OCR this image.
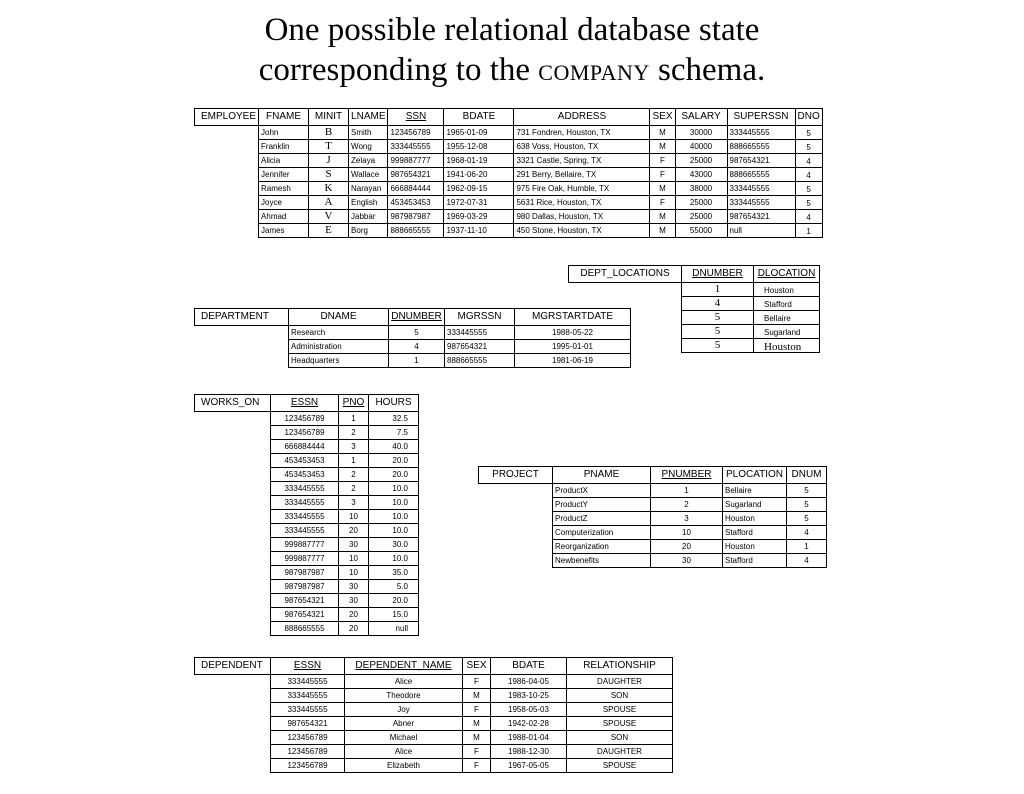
One possible relational database state
corresponding to the COMPANY schema.
EMPLOYEE	FNAME	MINIT	LNAME	SSN	BDATE	ADDRESS	SEX	SALARY	SUPERSSN	DNO
	John	B	Smith	123456789	1965-01-09	731 Fondren, Houston, TX	M	30000	333445555	5
	Franklin	T	Wong	333445555	1955-12-08	638 Voss, Houston, TX	M	40000	888665555	5
	Alicia	J	Zelaya	999887777	1968-01-19	3321 Castle, Spring, TX	F	25000	987654321	4
	Jennifer	S	Wallace	987654321	1941-06-20	291 Berry, Bellaire, TX	F	43000	888665555	4
	Ramesh	K	Narayan	666884444	1962-09-15	975 Fire Oak, Humble, TX	M	38000	333445555	5
	Joyce	A	English	453453453	1972-07-31	5631 Rice, Houston, TX	F	25000	333445555	5
	Ahmad	V	Jabbar	987987987	1969-03-29	980 Dallas, Houston, TX	M	25000	987654321	4
	James	E	Borg	888665555	1937-11-10	450 Stone, Houston, TX	M	55000	null	1
DEPT_LOCATIONS	DNUMBER	DLOCATION
	1	Houston
	4	Stafford
	5	Bellaire
	5	Sugarland
	5	Houston
DEPARTMENT	DNAME	DNUMBER	MGRSSN	MGRSTARTDATE
	Research	5	333445555	1988-05-22
	Administration	4	987654321	1995-01-01
	Headquarters	1	888665555	1981-06-19
WORKS_ON	ESSN	PNO	HOURS
	123456789	1	32.5
	123456789	2	7.5
	666884444	3	40.0
	453453453	1	20.0
	453453453	2	20.0
	333445555	2	10.0
	333445555	3	10.0
	333445555	10	10.0
	333445555	20	10.0
	999887777	30	30.0
	999887777	10	10.0
	987987987	10	35.0
	987987987	30	5.0
	987654321	30	20.0
	987654321	20	15.0
	888665555	20	null
PROJECT	PNAME	PNUMBER	PLOCATION	DNUM
	ProductX	1	Bellaire	5
	ProductY	2	Sugarland	5
	ProductZ	3	Houston	5
	Computerization	10	Stafford	4
	Reorganization	20	Houston	1
	Newbenefits	30	Stafford	4
DEPENDENT	ESSN	DEPENDENT_NAME	SEX	BDATE	RELATIONSHIP
	333445555	Alice	F	1986-04-05	DAUGHTER
	333445555	Theodore	M	1983-10-25	SON
	333445555	Joy	F	1958-05-03	SPOUSE
	987654321	Abner	M	1942-02-28	SPOUSE
	123456789	Michael	M	1988-01-04	SON
	123456789	Alice	F	1988-12-30	DAUGHTER
	123456789	Elizabeth	F	1967-05-05	SPOUSE
